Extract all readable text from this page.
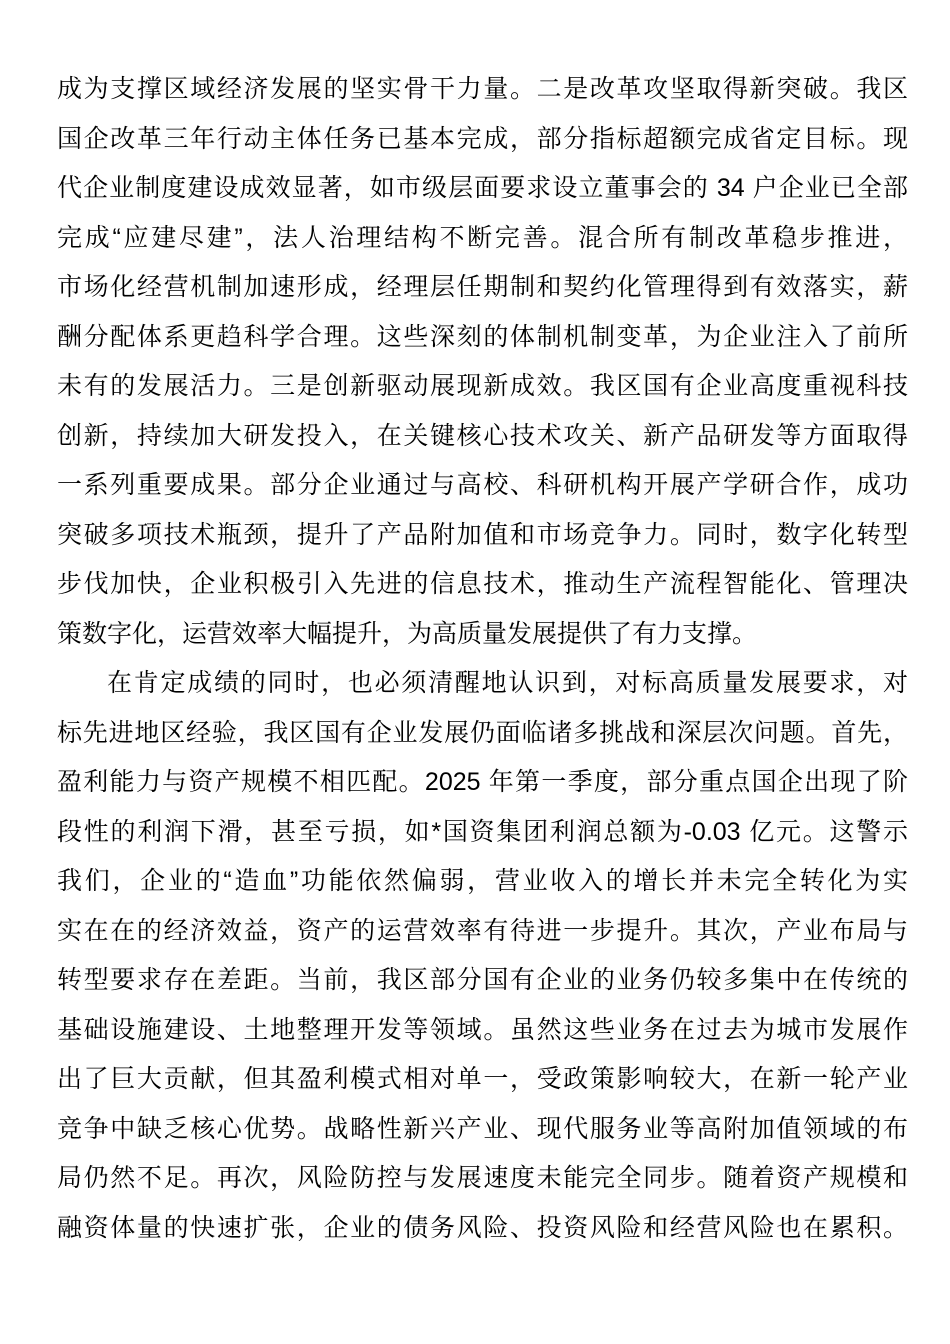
成为支撑区域经济发展的坚实骨干力量。二是改革攻坚取得新突破。我区
国企改革三年行动主体任务已基本完成，部分指标超额完成省定目标。现
代企业制度建设成效显著，如市级层面要求设立董事会的 34 户企业已全部
完成“应建尽建”，法人治理结构不断完善。混合所有制改革稳步推进，
市场化经营机制加速形成，经理层任期制和契约化管理得到有效落实，薪
酬分配体系更趋科学合理。这些深刻的体制机制变革，为企业注入了前所
未有的发展活力。三是创新驱动展现新成效。我区国有企业高度重视科技
创新，持续加大研发投入，在关键核心技术攻关、新产品研发等方面取得
一系列重要成果。部分企业通过与高校、科研机构开展产学研合作，成功
突破多项技术瓶颈，提升了产品附加值和市场竞争力。同时，数字化转型
步伐加快，企业积极引入先进的信息技术，推动生产流程智能化、管理决
策数字化，运营效率大幅提升，为高质量发展提供了有力支撑。
在肯定成绩的同时，也必须清醒地认识到，对标高质量发展要求，对
标先进地区经验，我区国有企业发展仍面临诸多挑战和深层次问题。首先，
盈利能力与资产规模不相匹配。2025 年第一季度，部分重点国企出现了阶
段性的利润下滑，甚至亏损，如*国资集团利润总额为-0.03 亿元。这警示
我们，企业的“造血”功能依然偏弱，营业收入的增长并未完全转化为实
实在在的经济效益，资产的运营效率有待进一步提升。其次，产业布局与
转型要求存在差距。当前，我区部分国有企业的业务仍较多集中在传统的
基础设施建设、土地整理开发等领域。虽然这些业务在过去为城市发展作
出了巨大贡献，但其盈利模式相对单一，受政策影响较大，在新一轮产业
竞争中缺乏核心优势。战略性新兴产业、现代服务业等高附加值领域的布
局仍然不足。再次，风险防控与发展速度未能完全同步。随着资产规模和
融资体量的快速扩张，企业的债务风险、投资风险和经营风险也在累积。
